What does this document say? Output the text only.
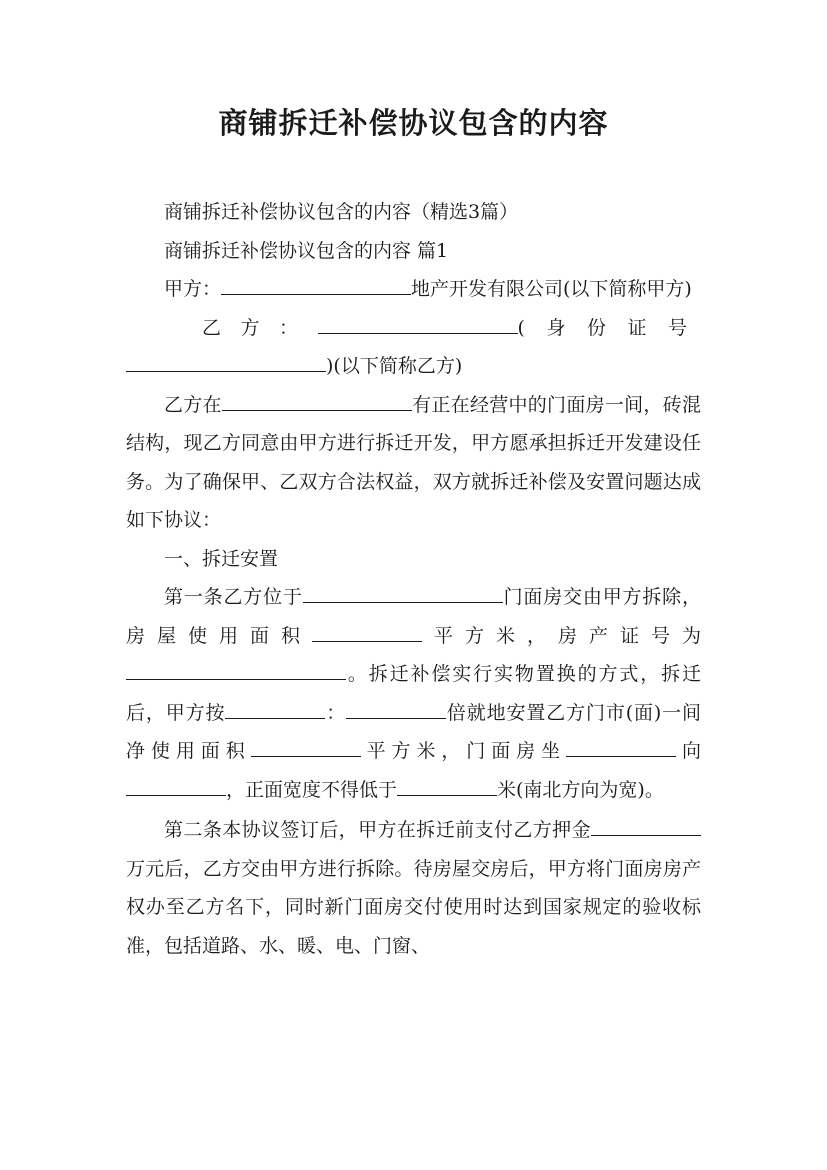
商铺拆迁补偿协议包含的内容

商铺拆迁补偿协议包含的内容（精选3篇）

商铺拆迁补偿协议包含的内容 篇1

甲方：	地产开发有限公司(以下简称甲方)

乙方：	(身份证号)(以下简称乙方)

乙方在	有正在经营中的门面房一间，砖混结构，现乙方同意由甲方进行拆迁开发，甲方愿承担拆迁开发建设任务。为了确保甲、乙双方合法权益，双方就拆迁补偿及安置问题达成如下协议：

一、拆迁安置

第一条乙方位于	门面房交由甲方拆除，房屋使用面积	平方米，房产证号为。拆迁补偿实行实物置换的方式，拆迁后，甲方按	：	倍就地安置乙方门市(面)一间净使用面积	平方米，门面房坐	向，正面宽度不得低于	米(南北方向为宽)。

第二条本协议签订后，甲方在拆迁前支付乙方押金万元后，乙方交由甲方进行拆除。待房屋交房后，甲方将门面房房产权办至乙方名下，同时新门面房交付使用时达到国家规定的验收标准，包括道路、水、暖、电、门窗、
